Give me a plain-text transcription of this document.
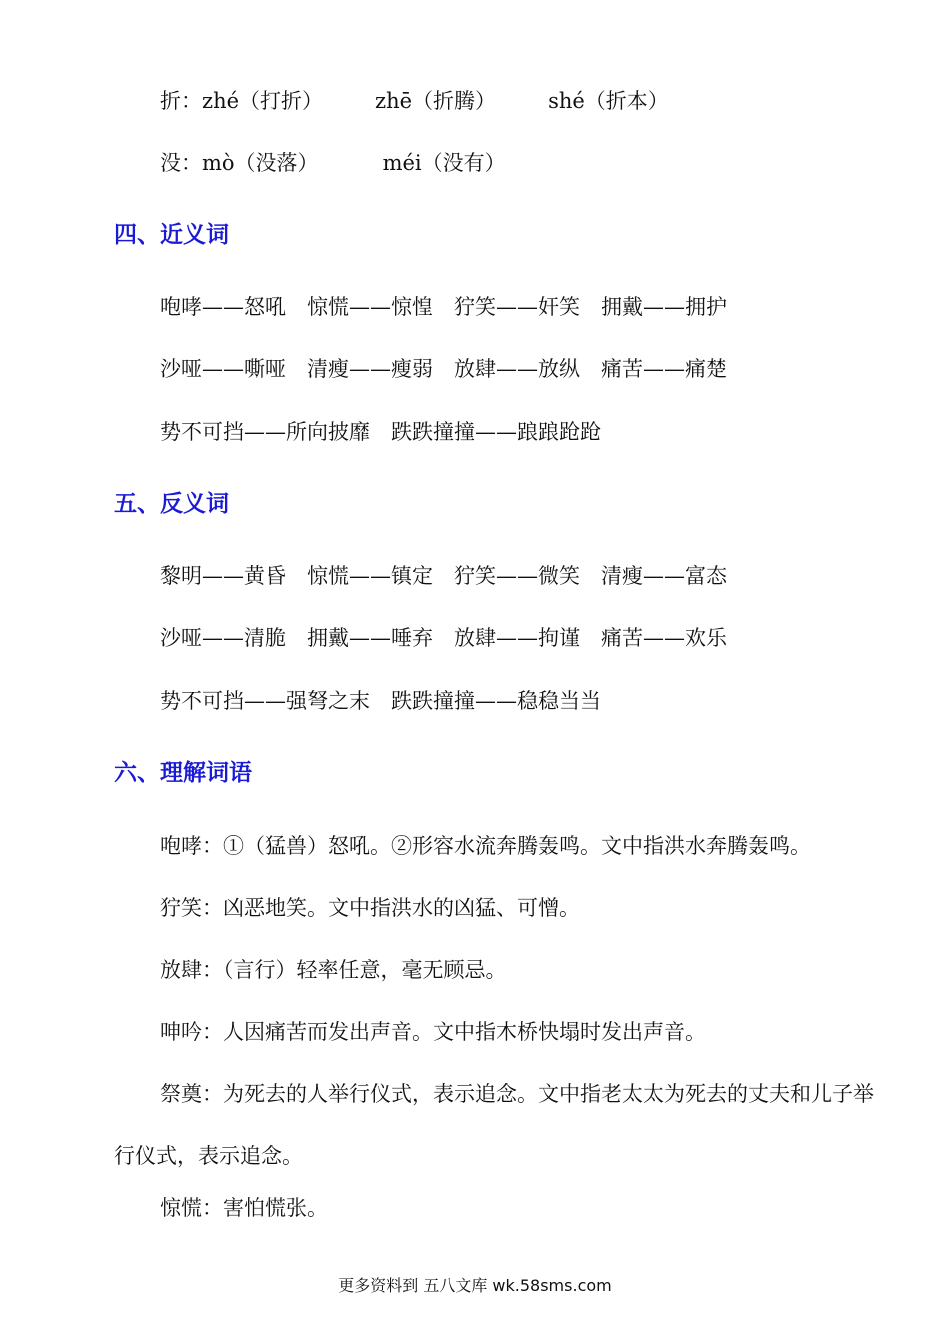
折：zhé（打折） zhē（折腾） shé（折本）
没：mò（没落）	méi（没有）
四、近义词
咆哮——怒吼　惊慌——惊惶　狞笑——奸笑　拥戴——拥护
沙哑——嘶哑　清瘦——瘦弱　放肆——放纵　痛苦——痛楚
势不可挡——所向披靡　跌跌撞撞——踉踉跄跄
五、反义词
黎明——黄昏　惊慌——镇定　狞笑——微笑　清瘦——富态
沙哑——清脆　拥戴——唾弃　放肆——拘谨　痛苦——欢乐
势不可挡——强弩之末　跌跌撞撞——稳稳当当
六、理解词语
咆哮：①（猛兽）怒吼。②形容水流奔腾轰鸣。文中指洪水奔腾轰鸣。
狞笑：凶恶地笑。文中指洪水的凶猛、可憎。
放肆：（言行）轻率任意，毫无顾忌。
呻吟：人因痛苦而发出声音。文中指木桥快塌时发出声音。
祭奠：为死去的人举行仪式，表示追念。文中指老太太为死去的丈夫和儿子举行仪式，表示追念。
惊慌：害怕慌张。
更多资料到 五八文库 wk.58sms.com
